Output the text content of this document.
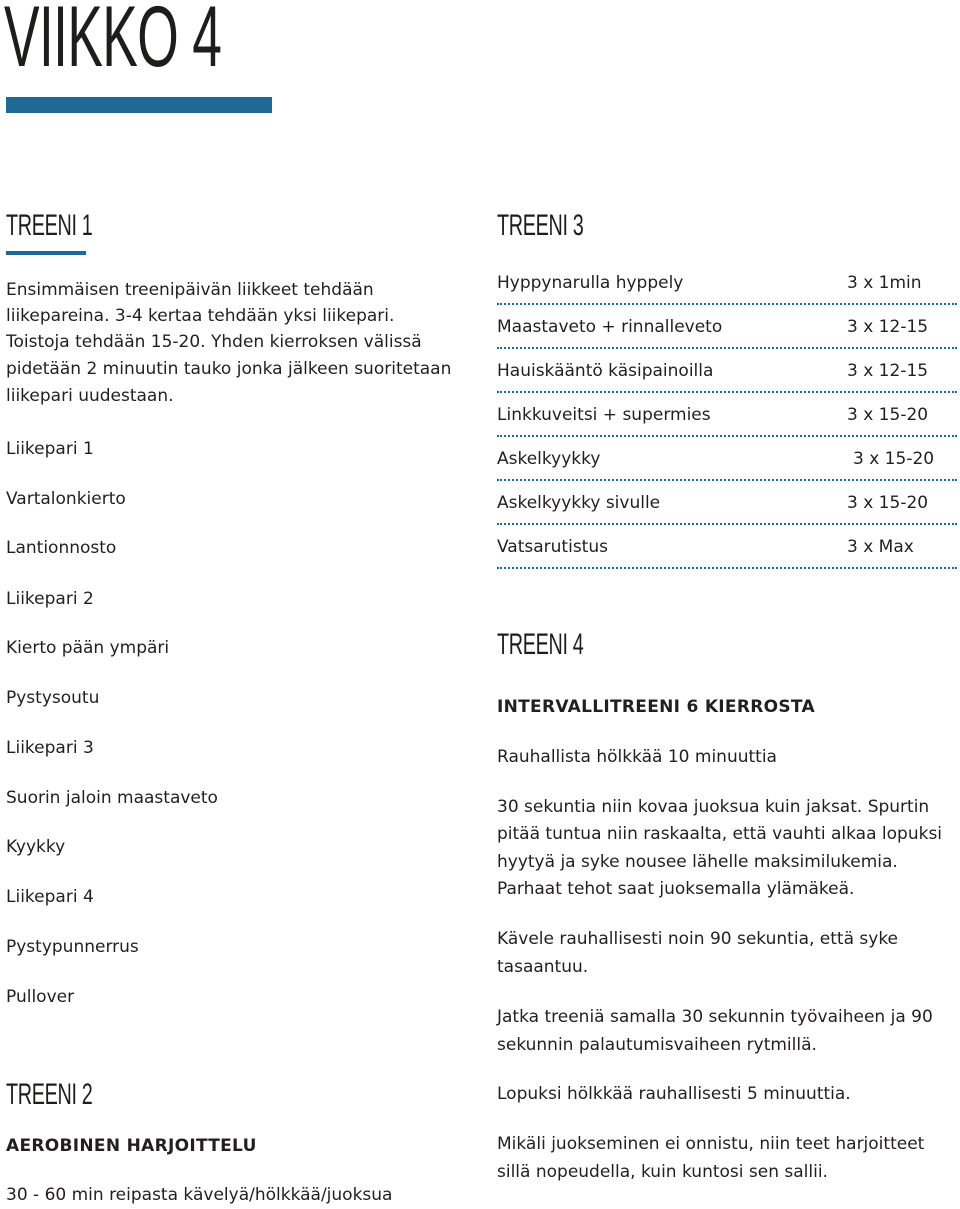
VIIKKO 4
TREENI 1
Ensimmäisen treenipäivän liikkeet tehdään
liikepareina. 3-4 kertaa tehdään yksi liikepari.
Toistoja tehdään 15-20. Yhden kierroksen välissä
pidetään 2 minuutin tauko jonka jälkeen suoritetaan
liikepari uudestaan.
Liikepari 1
Vartalonkierto
Lantionnosto
Liikepari 2
Kierto pään ympäri
Pystysoutu
Liikepari 3
Suorin jaloin maastaveto
Kyykky
Liikepari 4
Pystypunnerrus
Pullover
TREENI 2
AEROBINEN HARJOITTELU
30 - 60 min reipasta kävelyä/hölkkää/juoksua
TREENI 3
Hyppynarulla hyppely	3 x 1min
Maastaveto + rinnalleveto	3 x 12-15
Hauiskääntö käsipainoilla	3 x 12-15
Linkkuveitsi + supermies	3 x 15-20
Askelkyykky	3 x 15-20
Askelkyykky sivulle	3 x 15-20
Vatsarutistus	3 x Max
TREENI 4
INTERVALLITREENI 6 KIERROSTA
Rauhallista hölkkää 10 minuuttia
30 sekuntia niin kovaa juoksua kuin jaksat. Spurtin
pitää tuntua niin raskaalta, että vauhti alkaa lopuksi
hyytyä ja syke nousee lähelle maksimilukemia.
Parhaat tehot saat juoksemalla ylämäkeä.
Kävele rauhallisesti noin 90 sekuntia, että syke
tasaantuu.
Jatka treeniä samalla 30 sekunnin työvaiheen ja 90
sekunnin palautumisvaiheen rytmillä.
Lopuksi hölkkää rauhallisesti 5 minuuttia.
Mikäli juokseminen ei onnistu, niin teet harjoitteet
sillä nopeudella, kuin kuntosi sen sallii.
